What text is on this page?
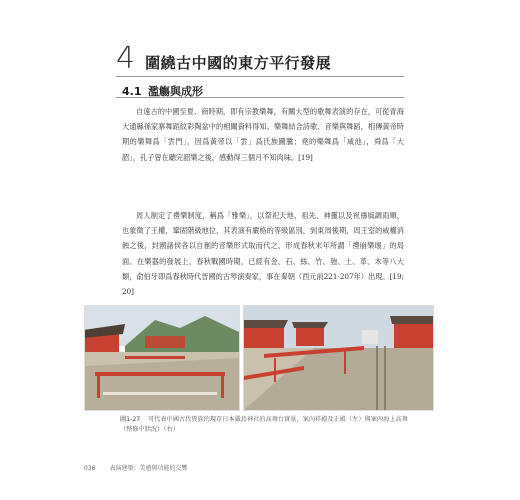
4 圍繞古中國的東方平行發展
4.1 濫觴與成形
自遠古的中國至夏、商時期，即有宗教樂舞，有關大型的歌舞表演的存在，可從青海大通縣孫家寨舞蹈紋彩陶盆中的相關資料得知。樂舞結合詩歌、音樂與舞蹈，相傳黃帝時期的樂舞爲「雲門」，因爲黃帝以「雲」爲氏族圖騰；堯的樂舞爲「咸池」，舜爲「大韶」，孔子曾在聽完韶樂之後，感動得三個月不知肉味。[19]
周人制定了禮樂制度，稱爲「雅樂」，以祭祀天地、祖先、神靈以及祝禱風調雨順，也象徵了王權，鞏固階級地位，其表演有嚴格的等級區別，到東周後期，周王室的威權消蝕之後，封國諸侯各以自創的音樂形式取而代之，形成春秋末年所謂「禮崩樂壞」的局面。在樂器的發展上，春秋戰國時期，已經有金、石、絲、竹、匏、土、革、木等八大類，俞伯牙即爲春秋時代晉國的古琴演奏家，事在秦朝（西元前221-207年）出現。[19; 20]
圖1-27 可代表中國古代貴族的現存日本嚴島神社的高舞台實景，案內祥殿及正殿（左）與案內海上高舞（整修中狀況）（右）
036 表演建築：美感與功能的交響
